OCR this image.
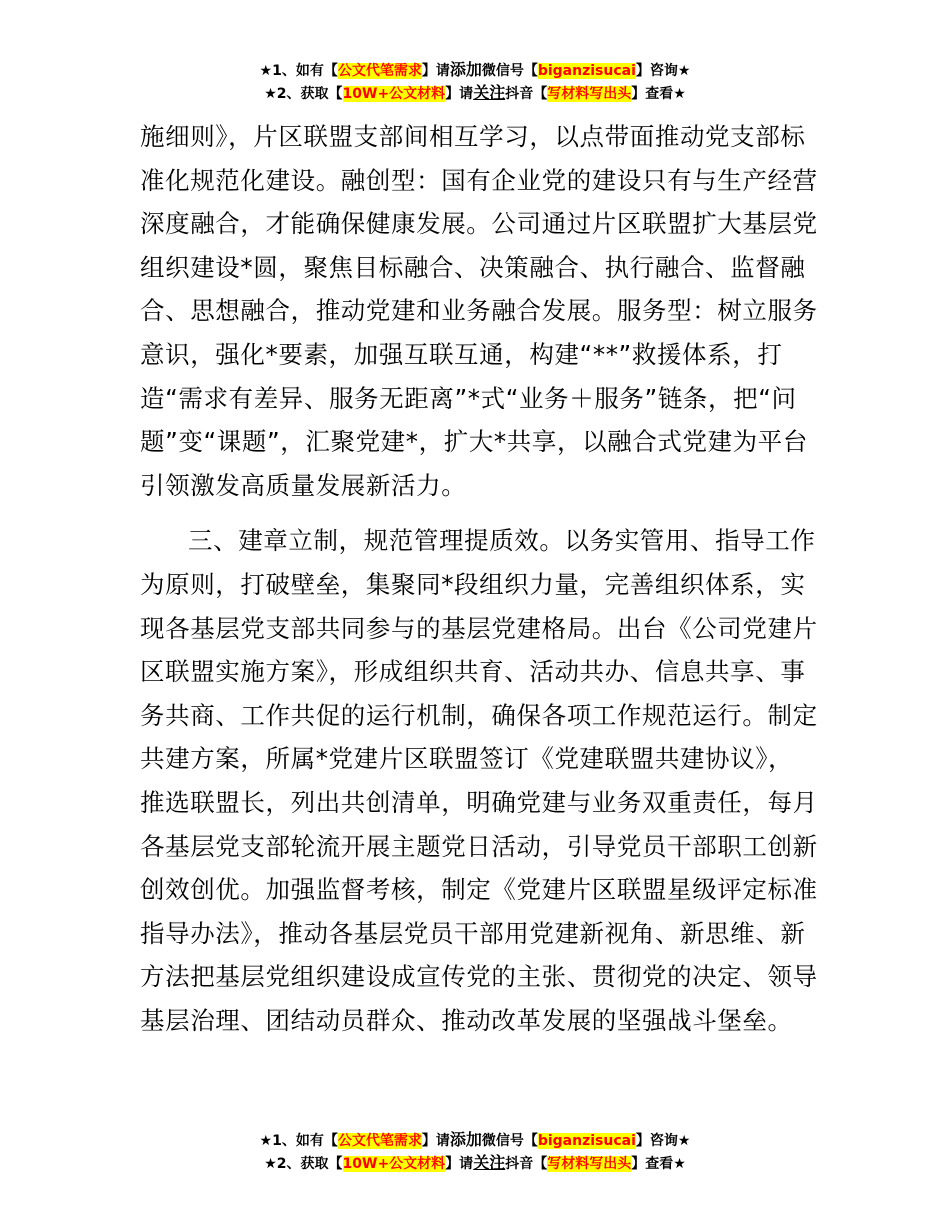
★1、如有【公文代笔需求】请添加微信号【biganzisucai】咨询★
★2、获取【10W+公文材料】请关注抖音【写材料写出头】查看★

施细则》，片区联盟支部间相互学习，以点带面推动党支部标
准化规范化建设。融创型：国有企业党的建设只有与生产经营
深度融合，才能确保健康发展。公司通过片区联盟扩大基层党
组织建设*圆，聚焦目标融合、决策融合、执行融合、监督融
合、思想融合，推动党建和业务融合发展。服务型：树立服务
意识，强化*要素，加强互联互通，构建“**”救援体系，打
造“需求有差异、服务无距离”*式“业务＋服务”链条，把“问
题”变“课题”，汇聚党建*，扩大*共享，以融合式党建为平台
引领激发高质量发展新活力。

三、建章立制，规范管理提质效。以务实管用、指导工作
为原则，打破壁垒，集聚同*段组织力量，完善组织体系，实
现各基层党支部共同参与的基层党建格局。出台《公司党建片
区联盟实施方案》，形成组织共育、活动共办、信息共享、事
务共商、工作共促的运行机制，确保各项工作规范运行。制定
共建方案，所属*党建片区联盟签订《党建联盟共建协议》，
推选联盟长，列出共创清单，明确党建与业务双重责任，每月
各基层党支部轮流开展主题党日活动，引导党员干部职工创新
创效创优。加强监督考核，制定《党建片区联盟星级评定标准
指导办法》，推动各基层党员干部用党建新视角、新思维、新
方法把基层党组织建设成宣传党的主张、贯彻党的决定、领导
基层治理、团结动员群众、推动改革发展的坚强战斗堡垒。

★1、如有【公文代笔需求】请添加微信号【biganzisucai】咨询★
★2、获取【10W+公文材料】请关注抖音【写材料写出头】查看★
